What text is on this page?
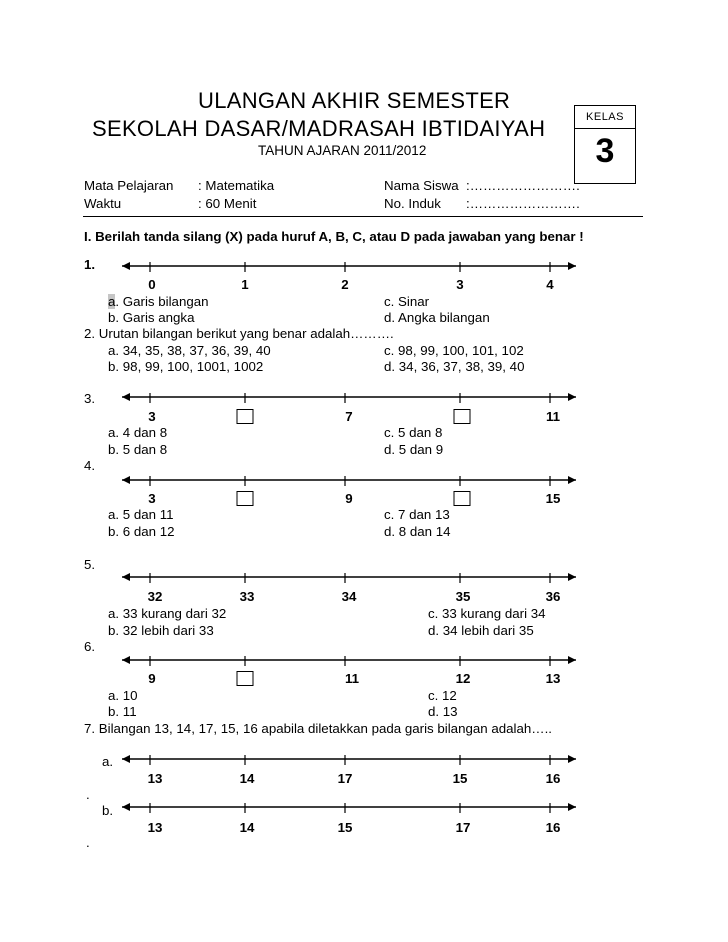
ULANGAN AKHIR SEMESTER
SEKOLAH DASAR/MADRASAH IBTIDAIYAH
TAHUN AJARAN 2011/2012
KELAS
3
Mata Pelajaran : Matematika	Nama Siswa :…………………….
Waktu	: 60 Menit	No. Induk :…………………….
I. Berilah tanda silang (X) pada huruf A, B, C, atau D pada jawaban yang benar !
1.
0	1	2	3	4
a. Garis bilangan	c. Sinar
b. Garis angka	d. Angka bilangan
2. Urutan bilangan berikut yang benar adalah……….
a. 34, 35, 38, 37, 36, 39, 40	c. 98, 99, 100, 101, 102
b. 98, 99, 100, 1001, 1002	d. 34, 36, 37, 38, 39, 40
3.
3	7	11
a. 4 dan 8	c. 5 dan 8
b. 5 dan 8	d. 5 dan 9
4.
3	9	15
a. 5 dan 11	c. 7 dan 13
b. 6 dan 12	d. 8 dan 14
5.
32	33	34	35	36
a. 33 kurang dari 32	c. 33 kurang dari 34
b. 32 lebih dari 33	d. 34 lebih dari 35
6.
9	11	12	13
a. 10	c. 12
b. 11	d. 13
7. Bilangan 13, 14, 17, 15, 16 apabila diletakkan pada garis bilangan adalah…..
a.
13	14	17	15	16
.
b.
13	14	15	17	16
.
